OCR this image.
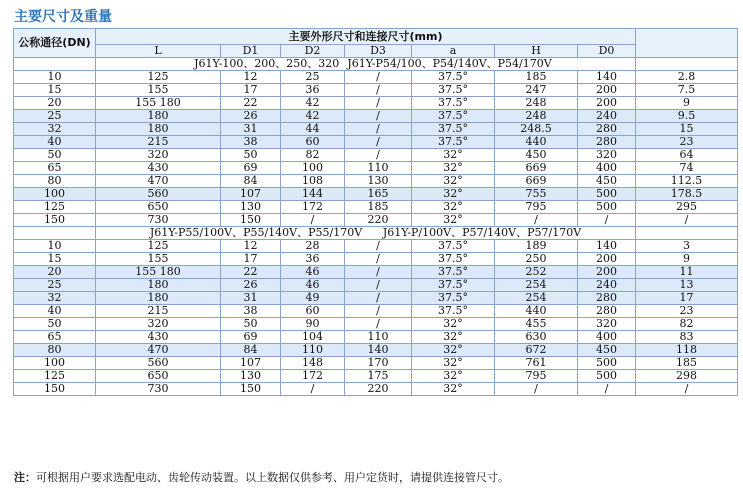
主要尺寸及重量
公称通径(DN)	主要外形尺寸和连接尺寸(mm)							
	L	D1	D2	D3	a	H	D0	
	J61Y-100、200、250、320 J61Y-P54/100、P54/140V、P54/170V							
10	125	12	25	/	37.5°	185	140	2.8
15	155	17	36	/	37.5°	247	200	7.5
20	155 180	22	42	/	37.5°	248	200	9
25	180	26	42	/	37.5°	248	240	9.5
32	180	31	44	/	37.5°	248.5	280	15
40	215	38	60	/	37.5°	440	280	23
50	320	50	82	/	32°	450	320	64
65	430	69	100	110	32°	669	400	74
80	470	84	108	130	32°	669	450	112.5
100	560	107	144	165	32°	755	500	178.5
125	650	130	172	185	32°	795	500	295
150	730	150	/	220	32°	/	/	/
	J61Y-P55/100V、P55/140V、P55/170V J61Y-P/100V、P57/140V、P57/170V							
10	125	12	28	/	37.5°	189	140	3
15	155	17	36	/	37.5°	250	200	9
20	155 180	22	46	/	37.5°	252	200	11
25	180	26	46	/	37.5°	254	240	13
32	180	31	49	/	37.5°	254	280	17
40	215	38	60	/	37.5°	440	280	23
50	320	50	90	/	32°	455	320	82
65	430	69	104	110	32°	630	400	83
80	470	84	110	140	32°	672	450	118
100	560	107	148	170	32°	761	500	185
125	650	130	172	175	32°	795	500	298
150	730	150	/	220	32°	/	/	/
注：可根据用户要求选配电动、齿轮传动装置。以上数据仅供参考、用户定货时，请提供连接管尺寸。
